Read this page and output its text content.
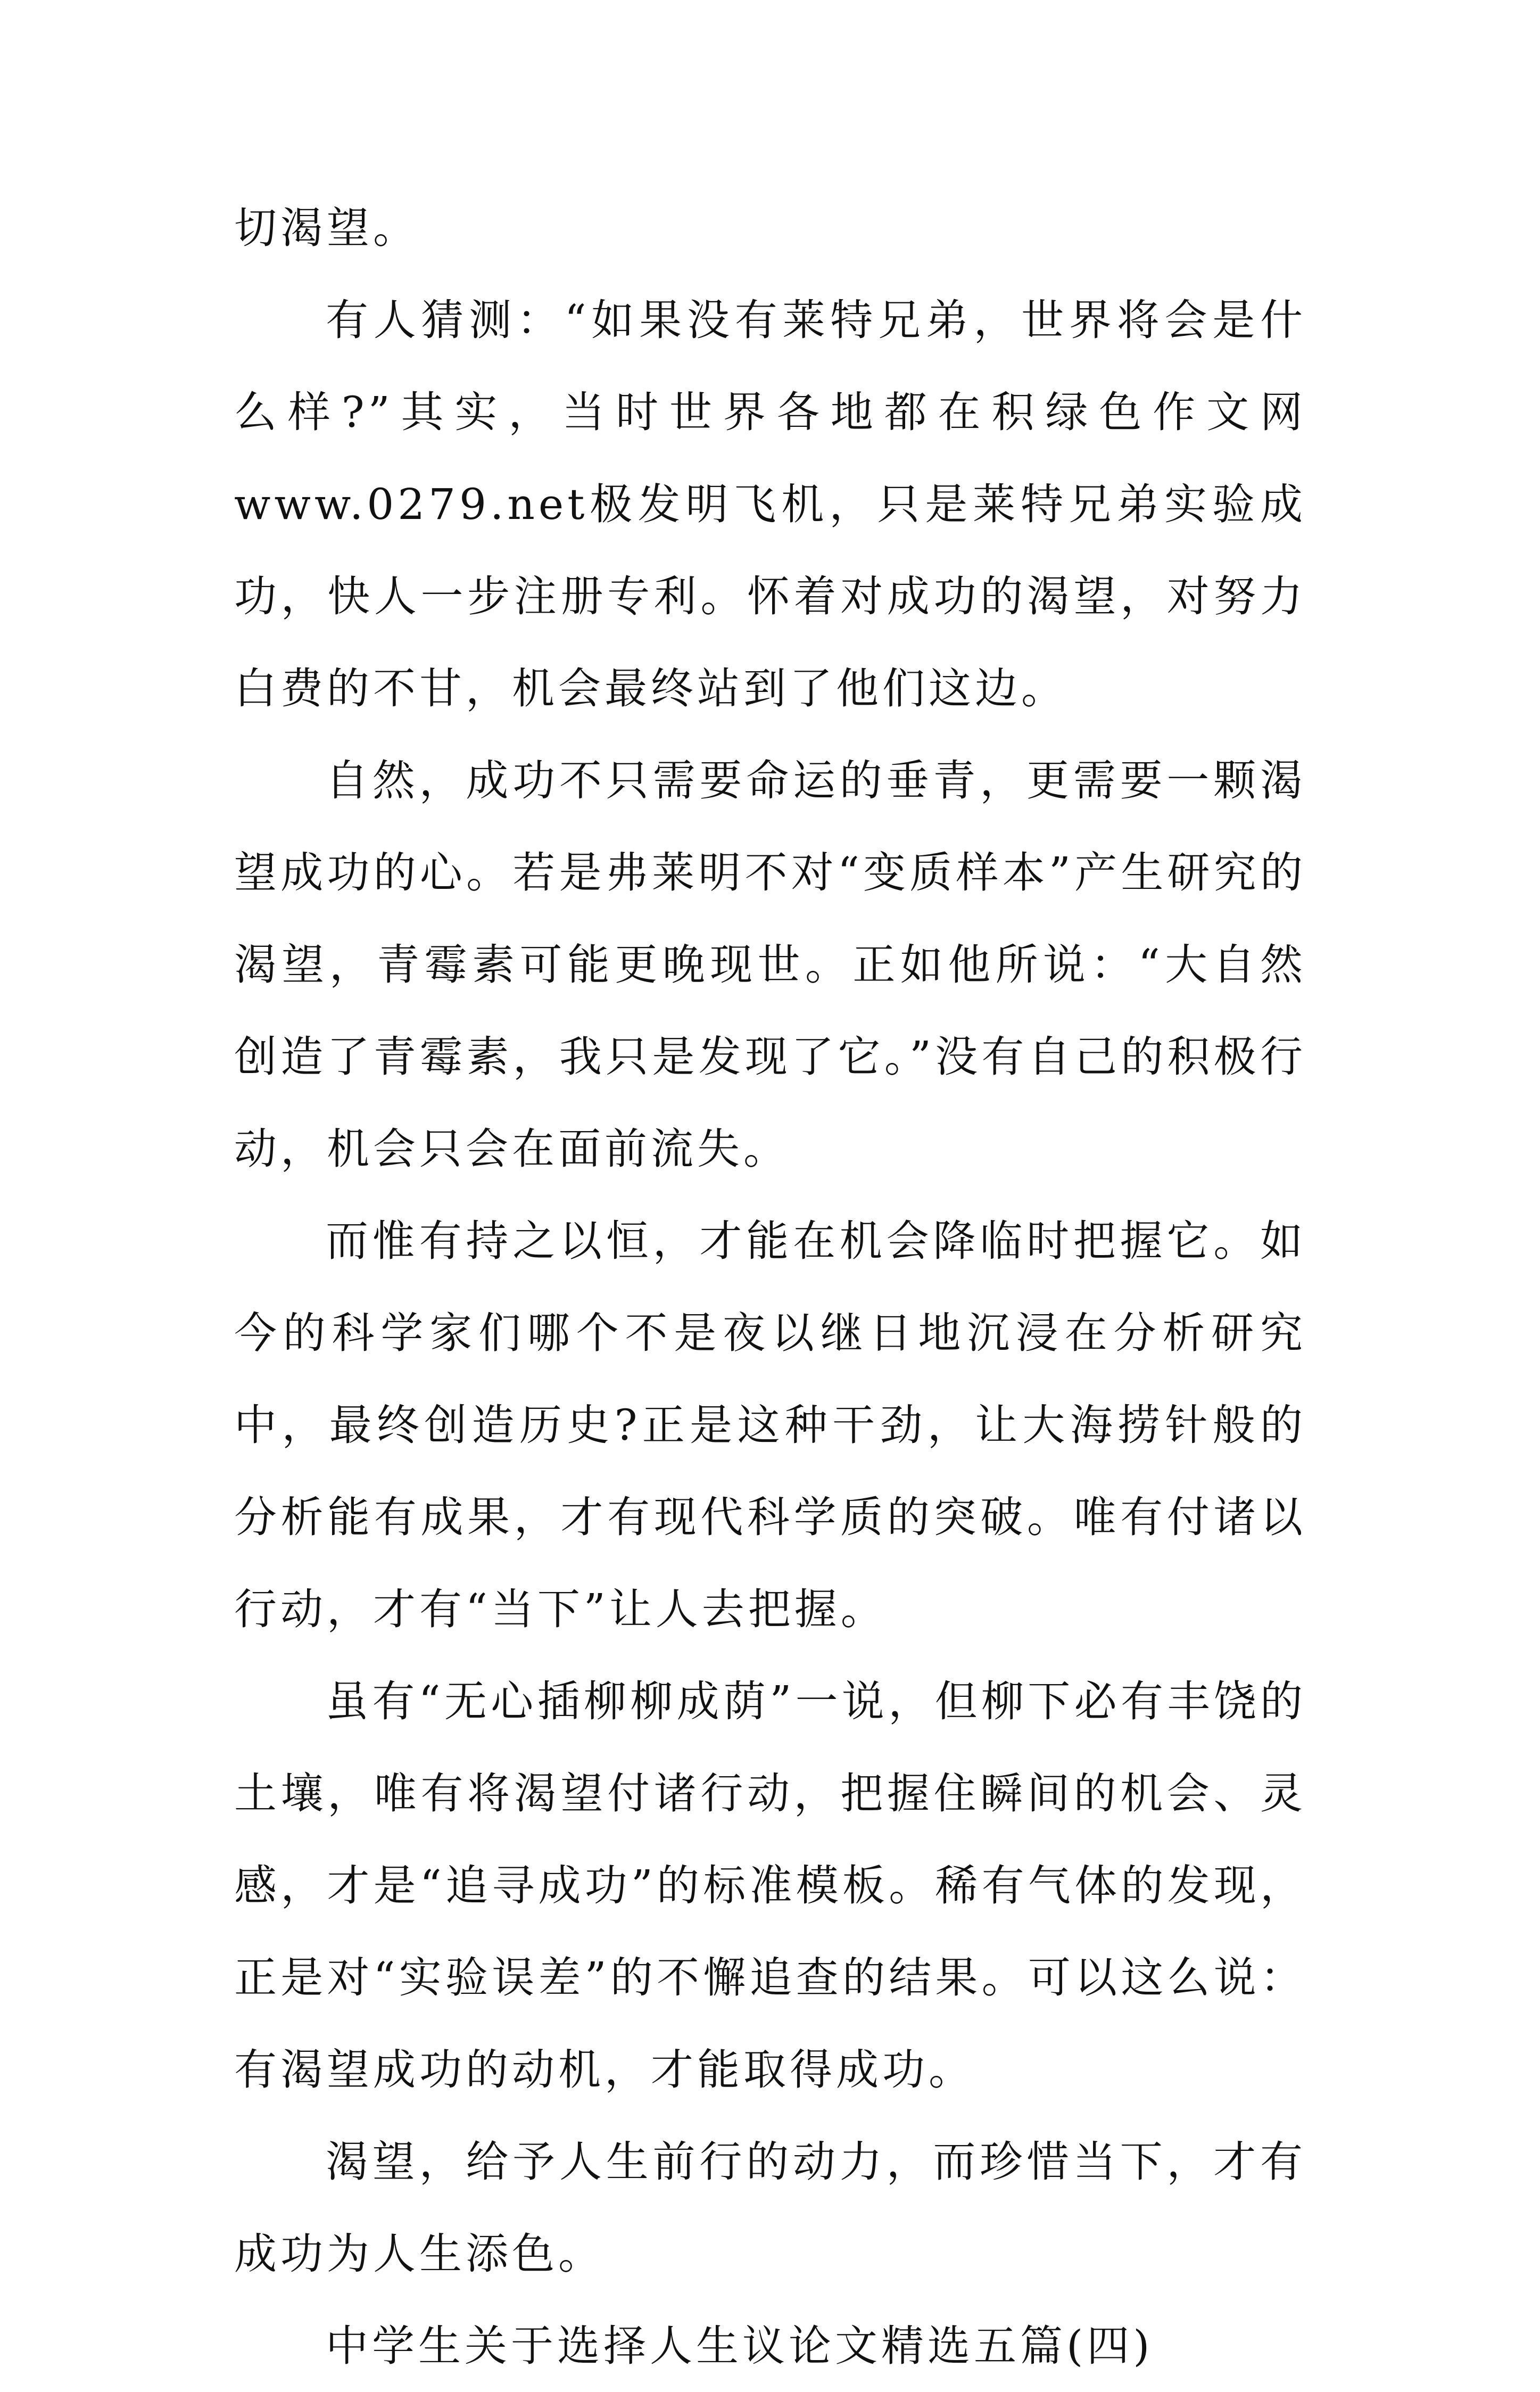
切渴望。

有人猜测：“如果没有莱特兄弟，世界将会是什么样?”其实，当时世界各地都在积绿色作文网www.0279.net极发明飞机，只是莱特兄弟实验成功，快人一步注册专利。怀着对成功的渴望，对努力白费的不甘，机会最终站到了他们这边。

自然，成功不只需要命运的垂青，更需要一颗渴望成功的心。若是弗莱明不对“变质样本”产生研究的渴望，青霉素可能更晚现世。正如他所说：“大自然创造了青霉素，我只是发现了它。”没有自己的积极行动，机会只会在面前流失。

而惟有持之以恒，才能在机会降临时把握它。如今的科学家们哪个不是夜以继日地沉浸在分析研究中，最终创造历史?正是这种干劲，让大海捞针般的分析能有成果，才有现代科学质的突破。唯有付诸以行动，才有“当下”让人去把握。

虽有“无心插柳柳成荫”一说，但柳下必有丰饶的土壤，唯有将渴望付诸行动，把握住瞬间的机会、灵感，才是“追寻成功”的标准模板。稀有气体的发现，正是对“实验误差”的不懈追查的结果。可以这么说：有渴望成功的动机，才能取得成功。

渴望，给予人生前行的动力，而珍惜当下，才有成功为人生添色。

中学生关于选择人生议论文精选五篇(四)
